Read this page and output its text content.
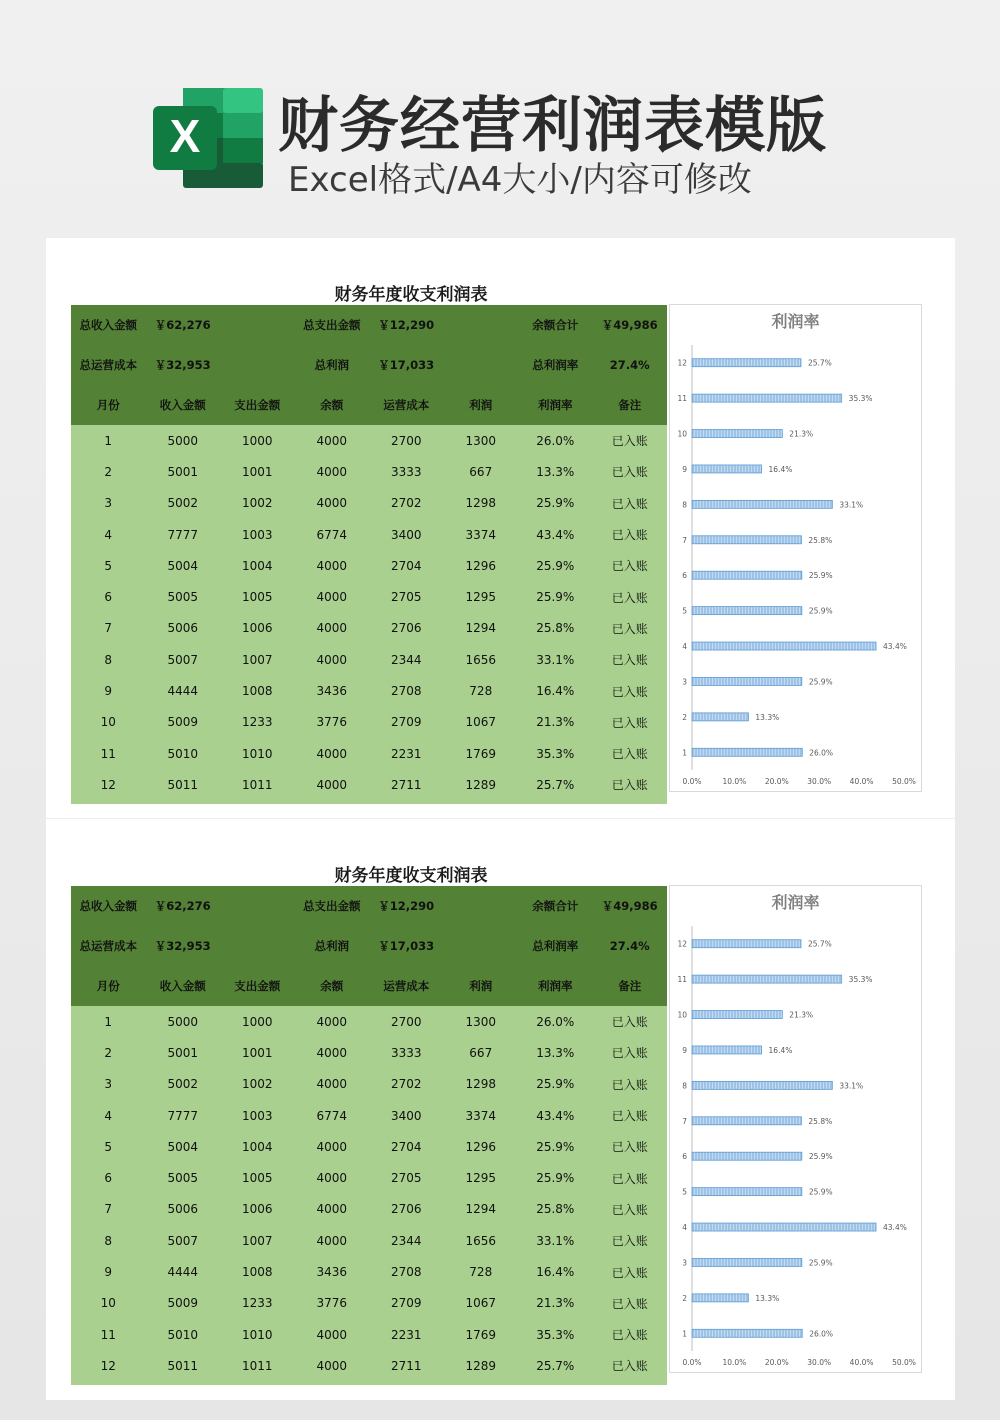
X 财务经营利润表模版
Excel格式/A4大小/内容可修改
财务年度收支利润表
总收入金额	￥62,276	总支出金额	￥12,290	余额合计	￥49,986
总运营成本	￥32,953	总利润	￥17,033	总利润率	27.4%
月份	收入金额	支出金额	余额	运营成本	利润	利润率	备注
1	5000	1000	4000	2700	1300	26.0%	已入账
2	5001	1001	4000	3333	667	13.3%	已入账
3	5002	1002	4000	2702	1298	25.9%	已入账
4	7777	1003	6774	3400	3374	43.4%	已入账
5	5004	1004	4000	2704	1296	25.9%	已入账
6	5005	1005	4000	2705	1295	25.9%	已入账
7	5006	1006	4000	2706	1294	25.8%	已入账
8	5007	1007	4000	2344	1656	33.1%	已入账
9	4444	1008	3436	2708	728	16.4%	已入账
10	5009	1233	3776	2709	1067	21.3%	已入账
11	5010	1010	4000	2231	1769	35.3%	已入账
12	5011	1011	4000	2711	1289	25.7%	已入账
利润率
1	26.0%
2	13.3%
3	25.9%
4	43.4%
5	25.9%
6	25.9%
7	25.8%
8	33.1%
9	16.4%
10	21.3%
11	35.3%
12	25.7%
0.0%	10.0% 20.0% 30.0% 40.0% 50.0%
财务年度收支利润表
总收入金额	￥62,276	总支出金额	￥12,290	余额合计	￥49,986
总运营成本	￥32,953	总利润	￥17,033	总利润率	27.4%
月份	收入金额	支出金额	余额	运营成本	利润	利润率	备注
1	5000	1000	4000	2700	1300	26.0%	已入账
2	5001	1001	4000	3333	667	13.3%	已入账
3	5002	1002	4000	2702	1298	25.9%	已入账
4	7777	1003	6774	3400	3374	43.4%	已入账
5	5004	1004	4000	2704	1296	25.9%	已入账
6	5005	1005	4000	2705	1295	25.9%	已入账
7	5006	1006	4000	2706	1294	25.8%	已入账
8	5007	1007	4000	2344	1656	33.1%	已入账
9	4444	1008	3436	2708	728	16.4%	已入账
10	5009	1233	3776	2709	1067	21.3%	已入账
11	5010	1010	4000	2231	1769	35.3%	已入账
12	5011	1011	4000	2711	1289	25.7%	已入账
利润率
1	26.0%
2	13.3%
3	25.9%
4	43.4%
5	25.9%
6	25.9%
7	25.8%
8	33.1%
9	16.4%
10	21.3%
11	35.3%
12	25.7%
0.0%	10.0% 20.0% 30.0% 40.0% 50.0%
